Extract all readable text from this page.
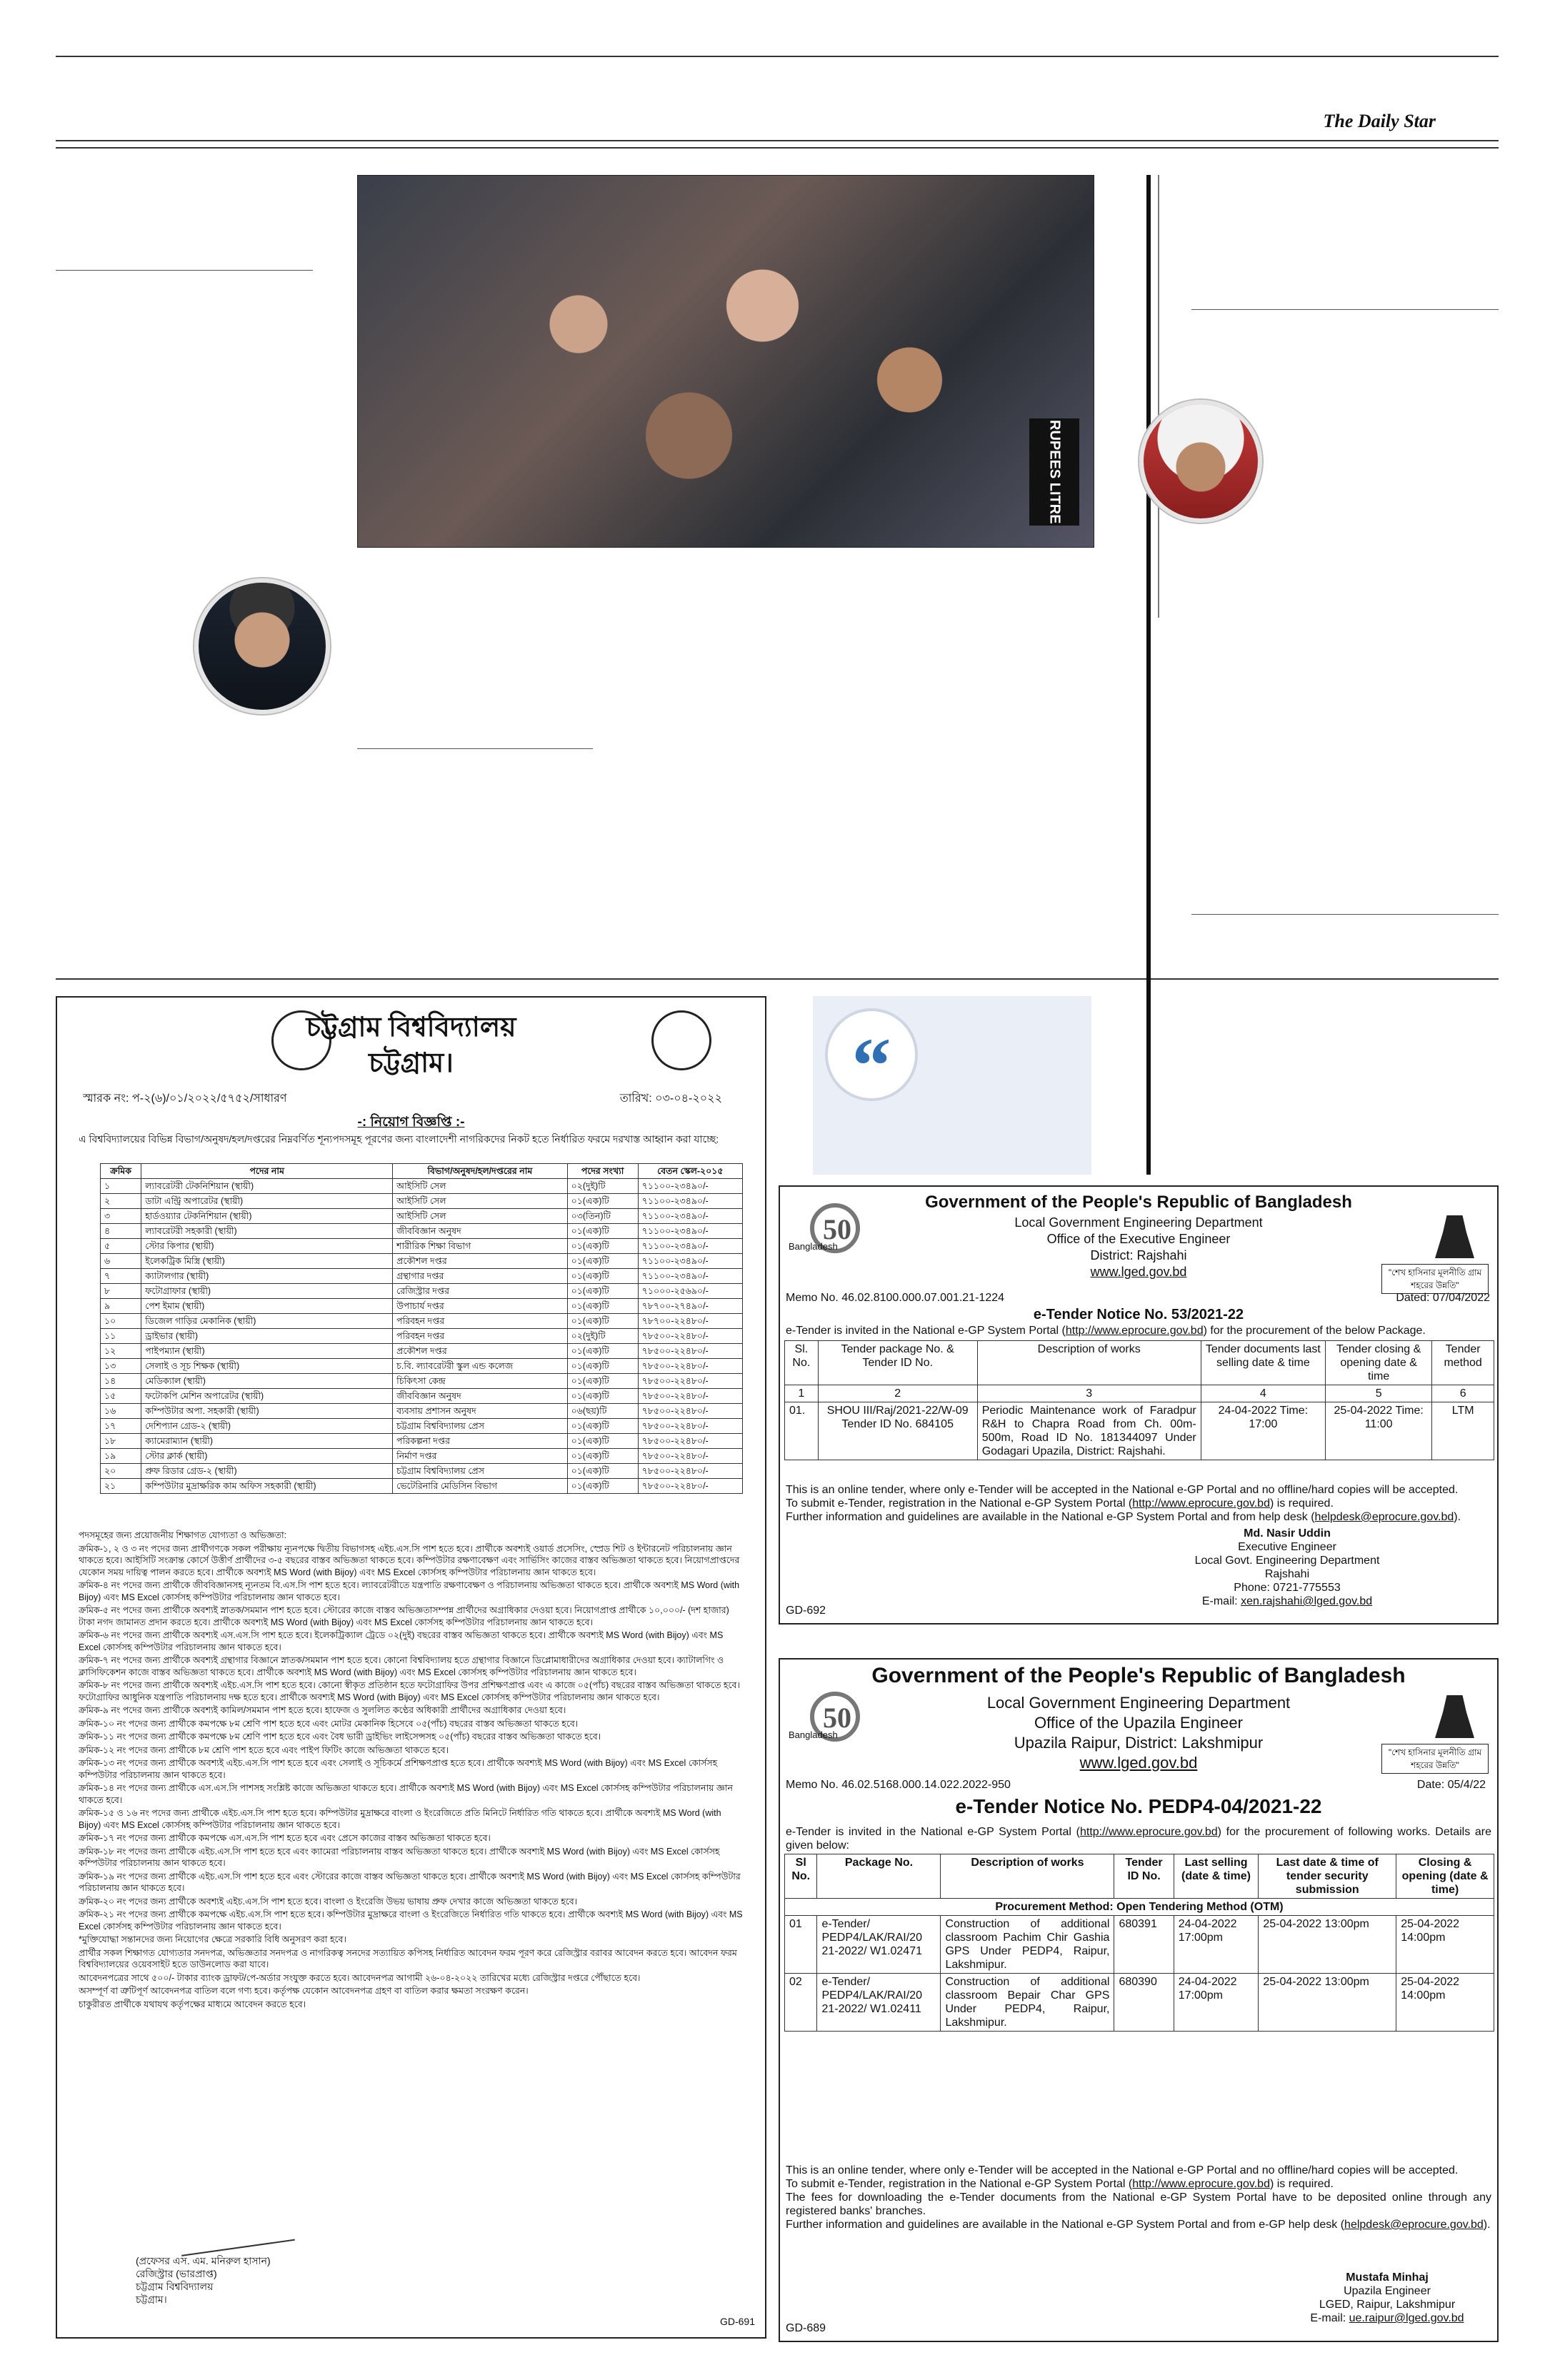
The Daily Star
RUPEES LITRE
“
চট্টগ্রাম বিশ্ববিদ্যালয়
চট্টগ্রাম।
স্মারক নং: প-২(৬)/০১/২০২২/৫৭৫২/সাধারণ	তারিখ: ০৩-০৪-২০২২
-: নিয়োগ বিজ্ঞপ্তি :-
এ বিশ্ববিদ্যালয়ের বিভিন্ন বিভাগ/অনুষদ/হল/দপ্তরের নিম্নবর্ণিত শূন্যপদসমূহ পূরণের জন্য বাংলাদেশী নাগরিকদের নিকট হতে নির্ধারিত ফরমে দরখাস্ত আহ্বান করা যাচ্ছে:
ক্রমিক	পদের নাম	বিভাগ/অনুষদ/হল/দপ্তরের নাম	পদের সংখ্যা	বেতন স্কেল-২০১৫
১	ল্যাবরেটরী টেকনিশিয়ান (স্থায়ী)	আইসিটি সেল	০২(দুই)টি	৭১১০০-২৩৪৯০/-
২	ডাটা এন্ট্রি অপারেটর (স্থায়ী)	আইসিটি সেল	০১(এক)টি	৭১১০০-২৩৪৯০/-
৩	হার্ডওয়্যার টেকনিশিয়ান (স্থায়ী)	আইসিটি সেল	০৩(তিন)টি	৭১১০০-২৩৪৯০/-
৪	ল্যাবরেটরী সহকারী (স্থায়ী)	জীববিজ্ঞান অনুষদ	০১(এক)টি	৭১১০০-২৩৪৯০/-
৫	স্টোর কিপার (স্থায়ী)	শারীরিক শিক্ষা বিভাগ	০১(এক)টি	৭১১০০-২৩৪৯০/-
৬	ইলেকট্রিক মিস্ত্রি (স্থায়ী)	প্রকৌশল দপ্তর	০১(এক)টি	৭১১০০-২৩৪৯০/-
৭	ক্যাটালগার (স্থায়ী)	গ্রন্থাগার দপ্তর	০১(এক)টি	৭১১০০-২৩৪৯০/-
৮	ফটোগ্রাফার (স্থায়ী)	রেজিস্ট্রার দপ্তর	০১(এক)টি	৭১০০০-২৫৬৯০/-
৯	পেশ ইমাম (স্থায়ী)	উপাচার্য দপ্তর	০১(এক)টি	৭৮৭০০-২৭৪৯০/-
১০	ডিজেল গাড়ির মেকানিক (স্থায়ী)	পরিবহন দপ্তর	০১(এক)টি	৭৮৭০০-২২৪৮০/-
১১	ড্রাইভার (স্থায়ী)	পরিবহন দপ্তর	০২(দুই)টি	৭৮৫০০-২২৪৮০/-
১২	পাইপম্যান (স্থায়ী)	প্রকৌশল দপ্তর	০১(এক)টি	৭৮৫০০-২২৪৮০/-
১৩	সেলাই ও সূচ শিক্ষক (স্থায়ী)	চ.বি. ল্যাবরেটরী স্কুল এন্ড কলেজ	০১(এক)টি	৭৮৫০০-২২৪৮০/-
১৪	মেডিক্যাল (স্থায়ী)	চিকিৎসা কেন্দ্র	০১(এক)টি	৭৮৫০০-২২৪৮০/-
১৫	ফটোকপি মেশিন অপারেটর (স্থায়ী)	জীববিজ্ঞান অনুষদ	০১(এক)টি	৭৮৫০০-২২৪৮০/-
১৬	কম্পিউটার অপা. সহকারী (স্থায়ী)	ব্যবসায় প্রশাসন অনুষদ	০৬(ছয়)টি	৭৮৫০০-২২৪৮০/-
১৭	দেশিপ্যান গ্রেড-২ (স্থায়ী)	চট্টগ্রাম বিশ্ববিদ্যালয় প্রেস	০১(এক)টি	৭৮৫০০-২২৪৮০/-
১৮	ক্যামেরাম্যান (স্থায়ী)	পরিকল্পনা দপ্তর	০১(এক)টি	৭৮৫০০-২২৪৮০/-
১৯	স্টোর ক্লার্ক (স্থায়ী)	নির্মাণ দপ্তর	০১(এক)টি	৭৮৫০০-২২৪৮০/-
২০	প্রুফ রিডার গ্রেড-২ (স্থায়ী)	চট্টগ্রাম বিশ্ববিদ্যালয় প্রেস	০১(এক)টি	৭৮৫০০-২২৪৮০/-
২১	কম্পিউটার মুদ্রাক্ষরিক কাম অফিস সহকারী (স্থায়ী)	ভেটেরিনারি মেডিসিন বিভাগ	০১(এক)টি	৭৮৫০০-২২৪৮০/-

পদসমূহের জন্য প্রয়োজনীয় শিক্ষাগত যোগ্যতা ও অভিজ্ঞতা:

ক্রমিক-১, ২ ও ৩ নং পদের জন্য প্রার্থীগণকে সকল পরীক্ষায় ন্যূনপক্ষে দ্বিতীয় বিভাগসহ এইচ.এস.সি পাশ হতে হবে। প্রার্থীকে অবশ্যই ওয়ার্ড প্রসেসিং, স্প্রেড শিট ও ইন্টারনেট পরিচালনায় জ্ঞান থাকতে হবে। আইসিটি সংক্রান্ত কোর্সে উত্তীর্ণ প্রার্থীদের ৩-৫ বছরের বাস্তব অভিজ্ঞতা থাকতে হবে। কম্পিউটার রক্ষণাবেক্ষণ এবং সার্ভিসিং কাজের বাস্তব অভিজ্ঞতা থাকতে হবে। নিয়োগপ্রাপ্তদের যেকোন সময় দায়িত্ব পালন করতে হবে। প্রার্থীকে অবশ্যই MS Word (with Bijoy) এবং MS Excel কোর্সসহ কম্পিউটার পরিচালনায় জ্ঞান থাকতে হবে।

ক্রমিক-৪ নং পদের জন্য প্রার্থীকে জীববিজ্ঞানসহ ন্যূনতম বি.এস.সি পাশ হতে হবে। ল্যাবরেটরীতে যন্ত্রপাতি রক্ষণাবেক্ষণ ও পরিচালনায় অভিজ্ঞতা থাকতে হবে। প্রার্থীকে অবশ্যই MS Word (with Bijoy) এবং MS Excel কোর্সসহ কম্পিউটার পরিচালনায় জ্ঞান থাকতে হবে।

ক্রমিক-৫ নং পদের জন্য প্রার্থীকে অবশ্যই স্নাতক/সমমান পাশ হতে হবে। স্টোরের কাজে বাস্তব অভিজ্ঞতাসম্পন্ন প্রার্থীদের অগ্রাধিকার দেওয়া হবে। নিয়োগপ্রাপ্ত প্রার্থীকে ১০,০০০/- (দশ হাজার) টাকা নগদ জামানত প্রদান করতে হবে। প্রার্থীকে অবশ্যই MS Word (with Bijoy) এবং MS Excel কোর্সসহ কম্পিউটার পরিচালনায় জ্ঞান থাকতে হবে।

ক্রমিক-৬ নং পদের জন্য প্রার্থীকে অবশ্যই এস.এস.সি পাশ হতে হবে। ইলেকট্রিক্যাল ট্রেডে ০২(দুই) বছরের বাস্তব অভিজ্ঞতা থাকতে হবে। প্রার্থীকে অবশ্যই MS Word (with Bijoy) এবং MS Excel কোর্সসহ কম্পিউটার পরিচালনায় জ্ঞান থাকতে হবে।

ক্রমিক-৭ নং পদের জন্য প্রার্থীকে অবশ্যই গ্রন্থাগার বিজ্ঞানে স্নাতক/সমমান পাশ হতে হবে। কোনো বিশ্ববিদ্যালয় হতে গ্রন্থাগার বিজ্ঞানে ডিপ্লোমাধারীদের অগ্রাধিকার দেওয়া হবে। ক্যাটালগিং ও ক্লাসিফিকেশন কাজে বাস্তব অভিজ্ঞতা থাকতে হবে। প্রার্থীকে অবশ্যই MS Word (with Bijoy) এবং MS Excel কোর্সসহ কম্পিউটার পরিচালনায় জ্ঞান থাকতে হবে।

ক্রমিক-৮ নং পদের জন্য প্রার্থীকে অবশ্যই এইচ.এস.সি পাশ হতে হবে। কোনো স্বীকৃত প্রতিষ্ঠান হতে ফটোগ্রাফির উপর প্রশিক্ষণপ্রাপ্ত এবং এ কাজে ০৫(পাঁচ) বছরের বাস্তব অভিজ্ঞতা থাকতে হবে। ফটোগ্রাফির আধুনিক যন্ত্রপাতি পরিচালনায় দক্ষ হতে হবে। প্রার্থীকে অবশ্যই MS Word (with Bijoy) এবং MS Excel কোর্সসহ কম্পিউটার পরিচালনায় জ্ঞান থাকতে হবে।

ক্রমিক-৯ নং পদের জন্য প্রার্থীকে অবশ্যই কামিল/সমমান পাশ হতে হবে। হাফেজ ও সুললিত কণ্ঠের অধিকারী প্রার্থীদের অগ্রাধিকার দেওয়া হবে।

ক্রমিক-১০ নং পদের জন্য প্রার্থীকে কমপক্ষে ৮ম শ্রেণি পাশ হতে হবে এবং মোটর মেকানিক হিসেবে ০৫(পাঁচ) বছরের বাস্তব অভিজ্ঞতা থাকতে হবে।

ক্রমিক-১১ নং পদের জন্য প্রার্থীকে কমপক্ষে ৮ম শ্রেণি পাশ হতে হবে এবং বৈধ ভারী ড্রাইভিং লাইসেন্সসহ ০৫(পাঁচ) বছরের বাস্তব অভিজ্ঞতা থাকতে হবে।

ক্রমিক-১২ নং পদের জন্য প্রার্থীকে ৮ম শ্রেণি পাশ হতে হবে এবং পাইপ ফিটিং কাজে অভিজ্ঞতা থাকতে হবে।

ক্রমিক-১৩ নং পদের জন্য প্রার্থীকে অবশ্যই এইচ.এস.সি পাশ হতে হবে এবং সেলাই ও সূচিকর্মে প্রশিক্ষণপ্রাপ্ত হতে হবে। প্রার্থীকে অবশ্যই MS Word (with Bijoy) এবং MS Excel কোর্সসহ কম্পিউটার পরিচালনায় জ্ঞান থাকতে হবে।

ক্রমিক-১৪ নং পদের জন্য প্রার্থীকে এস.এস.সি পাশসহ সংশ্লিষ্ট কাজে অভিজ্ঞতা থাকতে হবে। প্রার্থীকে অবশ্যই MS Word (with Bijoy) এবং MS Excel কোর্সসহ কম্পিউটার পরিচালনায় জ্ঞান থাকতে হবে।

ক্রমিক-১৫ ও ১৬ নং পদের জন্য প্রার্থীকে এইচ.এস.সি পাশ হতে হবে। কম্পিউটার মুদ্রাক্ষরে বাংলা ও ইংরেজিতে প্রতি মিনিটে নির্ধারিত গতি থাকতে হবে। প্রার্থীকে অবশ্যই MS Word (with Bijoy) এবং MS Excel কোর্সসহ কম্পিউটার পরিচালনায় জ্ঞান থাকতে হবে।

ক্রমিক-১৭ নং পদের জন্য প্রার্থীকে কমপক্ষে এস.এস.সি পাশ হতে হবে এবং প্রেসে কাজের বাস্তব অভিজ্ঞতা থাকতে হবে।

ক্রমিক-১৮ নং পদের জন্য প্রার্থীকে এইচ.এস.সি পাশ হতে হবে এবং ক্যামেরা পরিচালনায় বাস্তব অভিজ্ঞতা থাকতে হবে। প্রার্থীকে অবশ্যই MS Word (with Bijoy) এবং MS Excel কোর্সসহ কম্পিউটার পরিচালনায় জ্ঞান থাকতে হবে।

ক্রমিক-১৯ নং পদের জন্য প্রার্থীকে এইচ.এস.সি পাশ হতে হবে এবং স্টোরের কাজে বাস্তব অভিজ্ঞতা থাকতে হবে। প্রার্থীকে অবশ্যই MS Word (with Bijoy) এবং MS Excel কোর্সসহ কম্পিউটার পরিচালনায় জ্ঞান থাকতে হবে।

ক্রমিক-২০ নং পদের জন্য প্রার্থীকে অবশ্যই এইচ.এস.সি পাশ হতে হবে। বাংলা ও ইংরেজি উভয় ভাষায় প্রুফ দেখার কাজে অভিজ্ঞতা থাকতে হবে।

ক্রমিক-২১ নং পদের জন্য প্রার্থীকে কমপক্ষে এইচ.এস.সি পাশ হতে হবে। কম্পিউটার মুদ্রাক্ষরে বাংলা ও ইংরেজিতে নির্ধারিত গতি থাকতে হবে। প্রার্থীকে অবশ্যই MS Word (with Bijoy) এবং MS Excel কোর্সসহ কম্পিউটার পরিচালনায় জ্ঞান থাকতে হবে।

*মুক্তিযোদ্ধা সন্তানদের জন্য নিয়োগের ক্ষেত্রে সরকারি বিধি অনুসরণ করা হবে।

প্রার্থীর সকল শিক্ষাগত যোগ্যতার সনদপত্র, অভিজ্ঞতার সনদপত্র ও নাগরিকত্ব সনদের সত্যায়িত কপিসহ নির্ধারিত আবেদন ফরম পূরণ করে রেজিস্ট্রার বরাবর আবেদন করতে হবে। আবেদন ফরম বিশ্ববিদ্যালয়ের ওয়েবসাইট হতে ডাউনলোড করা যাবে।

আবেদনপত্রের সাথে ৫০০/- টাকার ব্যাংক ড্রাফট/পে-অর্ডার সংযুক্ত করতে হবে। আবেদনপত্র আগামী ২৬-০৪-২০২২ তারিখের মধ্যে রেজিস্ট্রার দপ্তরে পৌঁছাতে হবে।

অসম্পূর্ণ বা ত্রুটিপূর্ণ আবেদনপত্র বাতিল বলে গণ্য হবে। কর্তৃপক্ষ যেকোন আবেদনপত্র গ্রহণ বা বাতিল করার ক্ষমতা সংরক্ষণ করেন।

চাকুরীরত প্রার্থীকে যথাযথ কর্তৃপক্ষের মাধ্যমে আবেদন করতে হবে।

(প্রফেসর এস. এম. মনিরুল হাসান)
রেজিস্ট্রার (ভারপ্রাপ্ত)
চট্টগ্রাম বিশ্ববিদ্যালয়
চট্টগ্রাম।
GD-691
50
Bangladesh
"শেখ হাসিনার মূলনীতি গ্রাম শহরের উন্নতি"
Government of the People's Republic of Bangladesh
Local Government Engineering Department
Office of the Executive Engineer
District: Rajshahi
www.lged.gov.bd
Memo No. 46.02.8100.000.07.001.21-1224	Dated: 07/04/2022
e-Tender Notice No. 53/2021-22
e-Tender is invited in the National e-GP System Portal (http://www.eprocure.gov.bd) for the procurement of the below Package.
Sl. No.	Tender package No. & Tender ID No.	Description of works	Tender documents last selling date & time	Tender closing & opening date & time	Tender method
1	2	3	4	5	6
01.	SHOU III/Raj/2021-22/W-09 Tender ID No. 684105	Periodic Maintenance work of Faradpur R&H to Chapra Road from Ch. 00m-500m, Road ID No. 181344097 Under Godagari Upazila, District: Rajshahi.	24-04-2022 Time: 17:00	25-04-2022 Time: 11:00	LTM
This is an online tender, where only e-Tender will be accepted in the National e-GP Portal and no offline/hard copies will be accepted.
To submit e-Tender, registration in the National e-GP System Portal (http://www.eprocure.gov.bd) is required.
Further information and guidelines are available in the National e-GP System Portal and from help desk (helpdesk@eprocure.gov.bd).
Md. Nasir Uddin
Executive Engineer
Local Govt. Engineering Department
Rajshahi
Phone: 0721-775553
E-mail: xen.rajshahi@lged.gov.bd
GD-692
50
Bangladesh
"শেখ হাসিনার মূলনীতি গ্রাম শহরের উন্নতি"
Government of the People's Republic of Bangladesh
Local Government Engineering Department
Office of the Upazila Engineer
Upazila Raipur, District: Lakshmipur
www.lged.gov.bd
Memo No. 46.02.5168.000.14.022.2022-950	Date: 05/4/22
e-Tender Notice No. PEDP4-04/2021-22
e-Tender is invited in the National e-GP System Portal (http://www.eprocure.gov.bd) for the procurement of following works. Details are given below:
Sl No.	Package No.	Description of works	Tender ID No.	Last selling (date & time)	Last date & time of tender security submission	Closing & opening (date & time)
Procurement Method: Open Tendering Method (OTM)						
01	e-Tender/ PEDP4/LAK/RAI/20 21-2022/ W1.02471	Construction of additional classroom Pachim Chir Gashia GPS Under PEDP4, Raipur, Lakshmipur.	680391	24-04-2022 17:00pm	25-04-2022 13:00pm	25-04-2022 14:00pm
02	e-Tender/ PEDP4/LAK/RAI/20 21-2022/ W1.02411	Construction of additional classroom Bepair Char GPS Under PEDP4, Raipur, Lakshmipur.	680390	24-04-2022 17:00pm	25-04-2022 13:00pm	25-04-2022 14:00pm
This is an online tender, where only e-Tender will be accepted in the National e-GP Portal and no offline/hard copies will be accepted.
To submit e-Tender, registration in the National e-GP System Portal (http://www.eprocure.gov.bd) is required.
The fees for downloading the e-Tender documents from the National e-GP System Portal have to be deposited online through any registered banks' branches.
Further information and guidelines are available in the National e-GP System Portal and from e-GP help desk (helpdesk@eprocure.gov.bd).
Mustafa Minhaj
Upazila Engineer
LGED, Raipur, Lakshmipur
E-mail: ue.raipur@lged.gov.bd
GD-689
